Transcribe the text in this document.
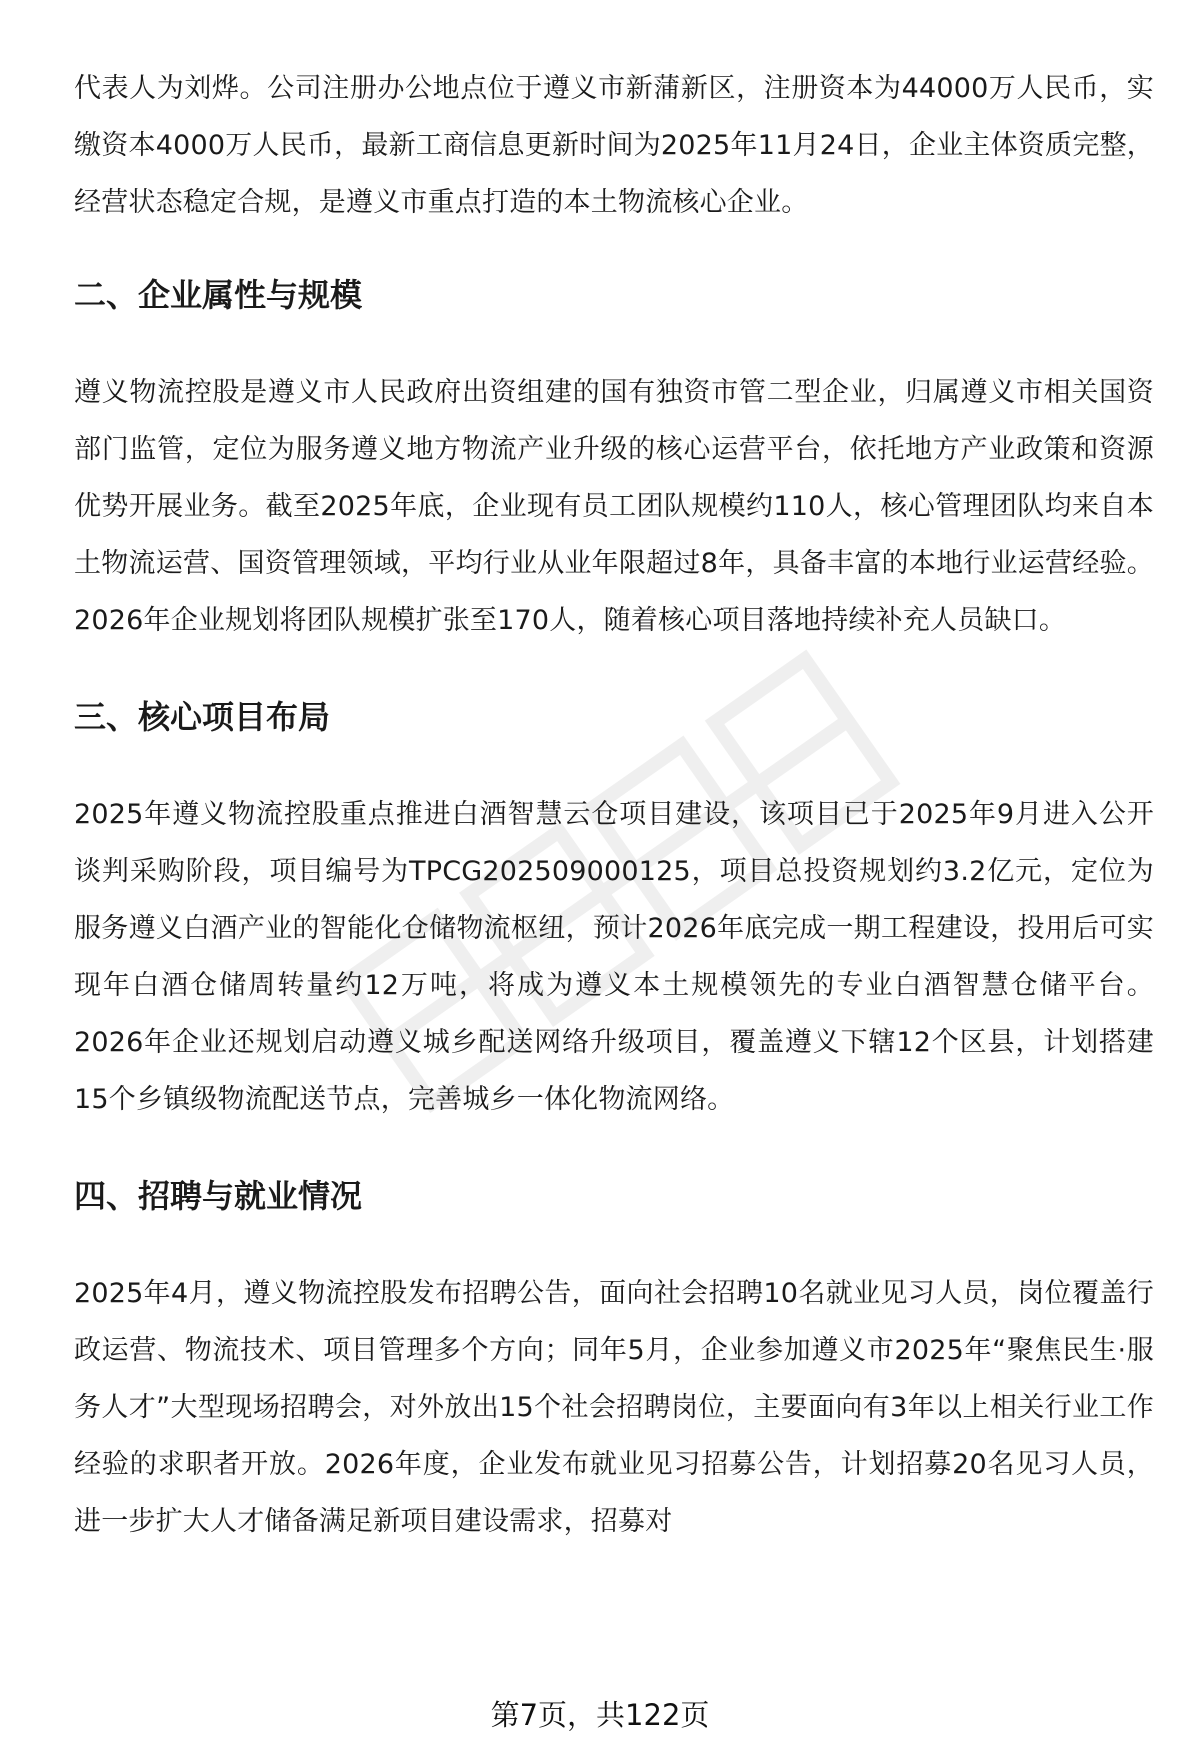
代表人为刘烨。公司注册办公地点位于遵义市新蒲新区，注册资本为44000万人民币，实缴资本4000万人民币，最新工商信息更新时间为2025年11月24日，企业主体资质完整，经营状态稳定合规，是遵义市重点打造的本土物流核心企业。

二、企业属性与规模

遵义物流控股是遵义市人民政府出资组建的国有独资市管二型企业，归属遵义市相关国资部门监管，定位为服务遵义地方物流产业升级的核心运营平台，依托地方产业政策和资源优势开展业务。截至2025年底，企业现有员工团队规模约110人，核心管理团队均来自本土物流运营、国资管理领域，平均行业从业年限超过8年，具备丰富的本地行业运营经验。2026年企业规划将团队规模扩张至170人，随着核心项目落地持续补充人员缺口。

三、核心项目布局

2025年遵义物流控股重点推进白酒智慧云仓项目建设，该项目已于2025年9月进入公开谈判采购阶段，项目编号为TPCG202509000125，项目总投资规划约3.2亿元，定位为服务遵义白酒产业的智能化仓储物流枢纽，预计2026年底完成一期工程建设，投用后可实现年白酒仓储周转量约12万吨，将成为遵义本土规模领先的专业白酒智慧仓储平台。2026年企业还规划启动遵义城乡配送网络升级项目，覆盖遵义下辖12个区县，计划搭建15个乡镇级物流配送节点，完善城乡一体化物流网络。

四、招聘与就业情况

2025年4月，遵义物流控股发布招聘公告，面向社会招聘10名就业见习人员，岗位覆盖行政运营、物流技术、项目管理多个方向；同年5月，企业参加遵义市2025年“聚焦民生·服务人才”大型现场招聘会，对外放出15个社会招聘岗位，主要面向有3年以上相关行业工作经验的求职者开放。2026年度，企业发布就业见习招募公告，计划招募20名见习人员，进一步扩大人才储备满足新项目建设需求，招募对

第7页，共122页
